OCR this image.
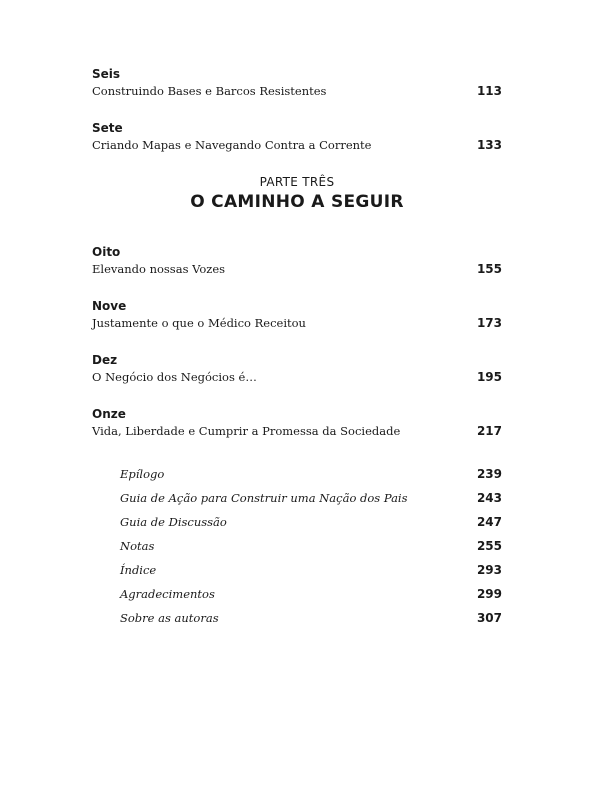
Seis
Construindo Bases e Barcos Resistentes	113
Sete
Criando Mapas e Navegando Contra a Corrente	133
PARTE TRÊS
O CAMINHO A SEGUIR
Oito
Elevando nossas Vozes	155
Nove
Justamente o que o Médico Receitou	173
Dez
O Negócio dos Negócios é…	195
Onze
Vida, Liberdade e Cumprir a Promessa da Sociedade	217
Epílogo	239
Guia de Ação para Construir uma Nação dos Pais	243
Guia de Discussão	247
Notas	255
Índice	293
Agradecimentos	299
Sobre as autoras	307
